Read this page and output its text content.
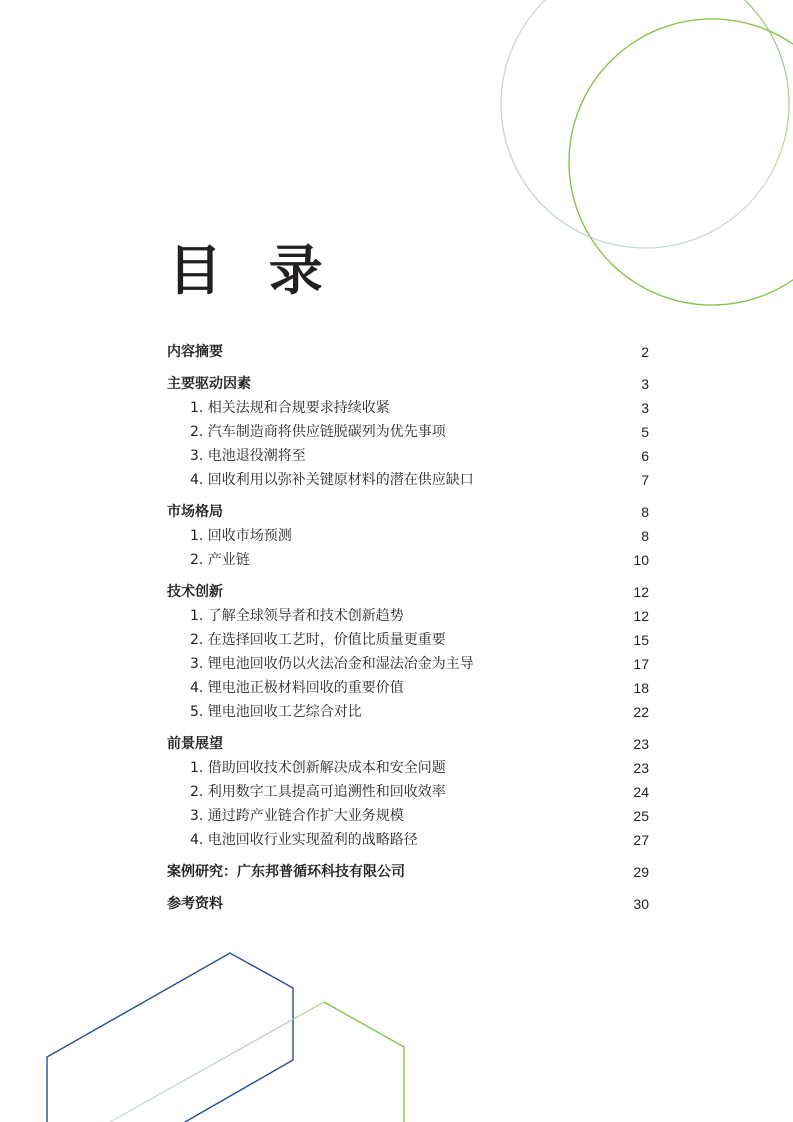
目 录
内容摘要	2
主要驱动因素	3
1. 相关法规和合规要求持续收紧	3
2. 汽车制造商将供应链脱碳列为优先事项	5
3. 电池退役潮将至	6
4. 回收利用以弥补关键原材料的潜在供应缺口	7
市场格局	8
1. 回收市场预测	8
2. 产业链	10
技术创新	12
1. 了解全球领导者和技术创新趋势	12
2. 在选择回收工艺时，价值比质量更重要	15
3. 锂电池回收仍以火法冶金和湿法冶金为主导	17
4. 锂电池正极材料回收的重要价值	18
5. 锂电池回收工艺综合对比	22
前景展望	23
1. 借助回收技术创新解决成本和安全问题	23
2. 利用数字工具提高可追溯性和回收效率	24
3. 通过跨产业链合作扩大业务规模	25
4. 电池回收行业实现盈利的战略路径	27
案例研究：广东邦普循环科技有限公司	29
参考资料	30
